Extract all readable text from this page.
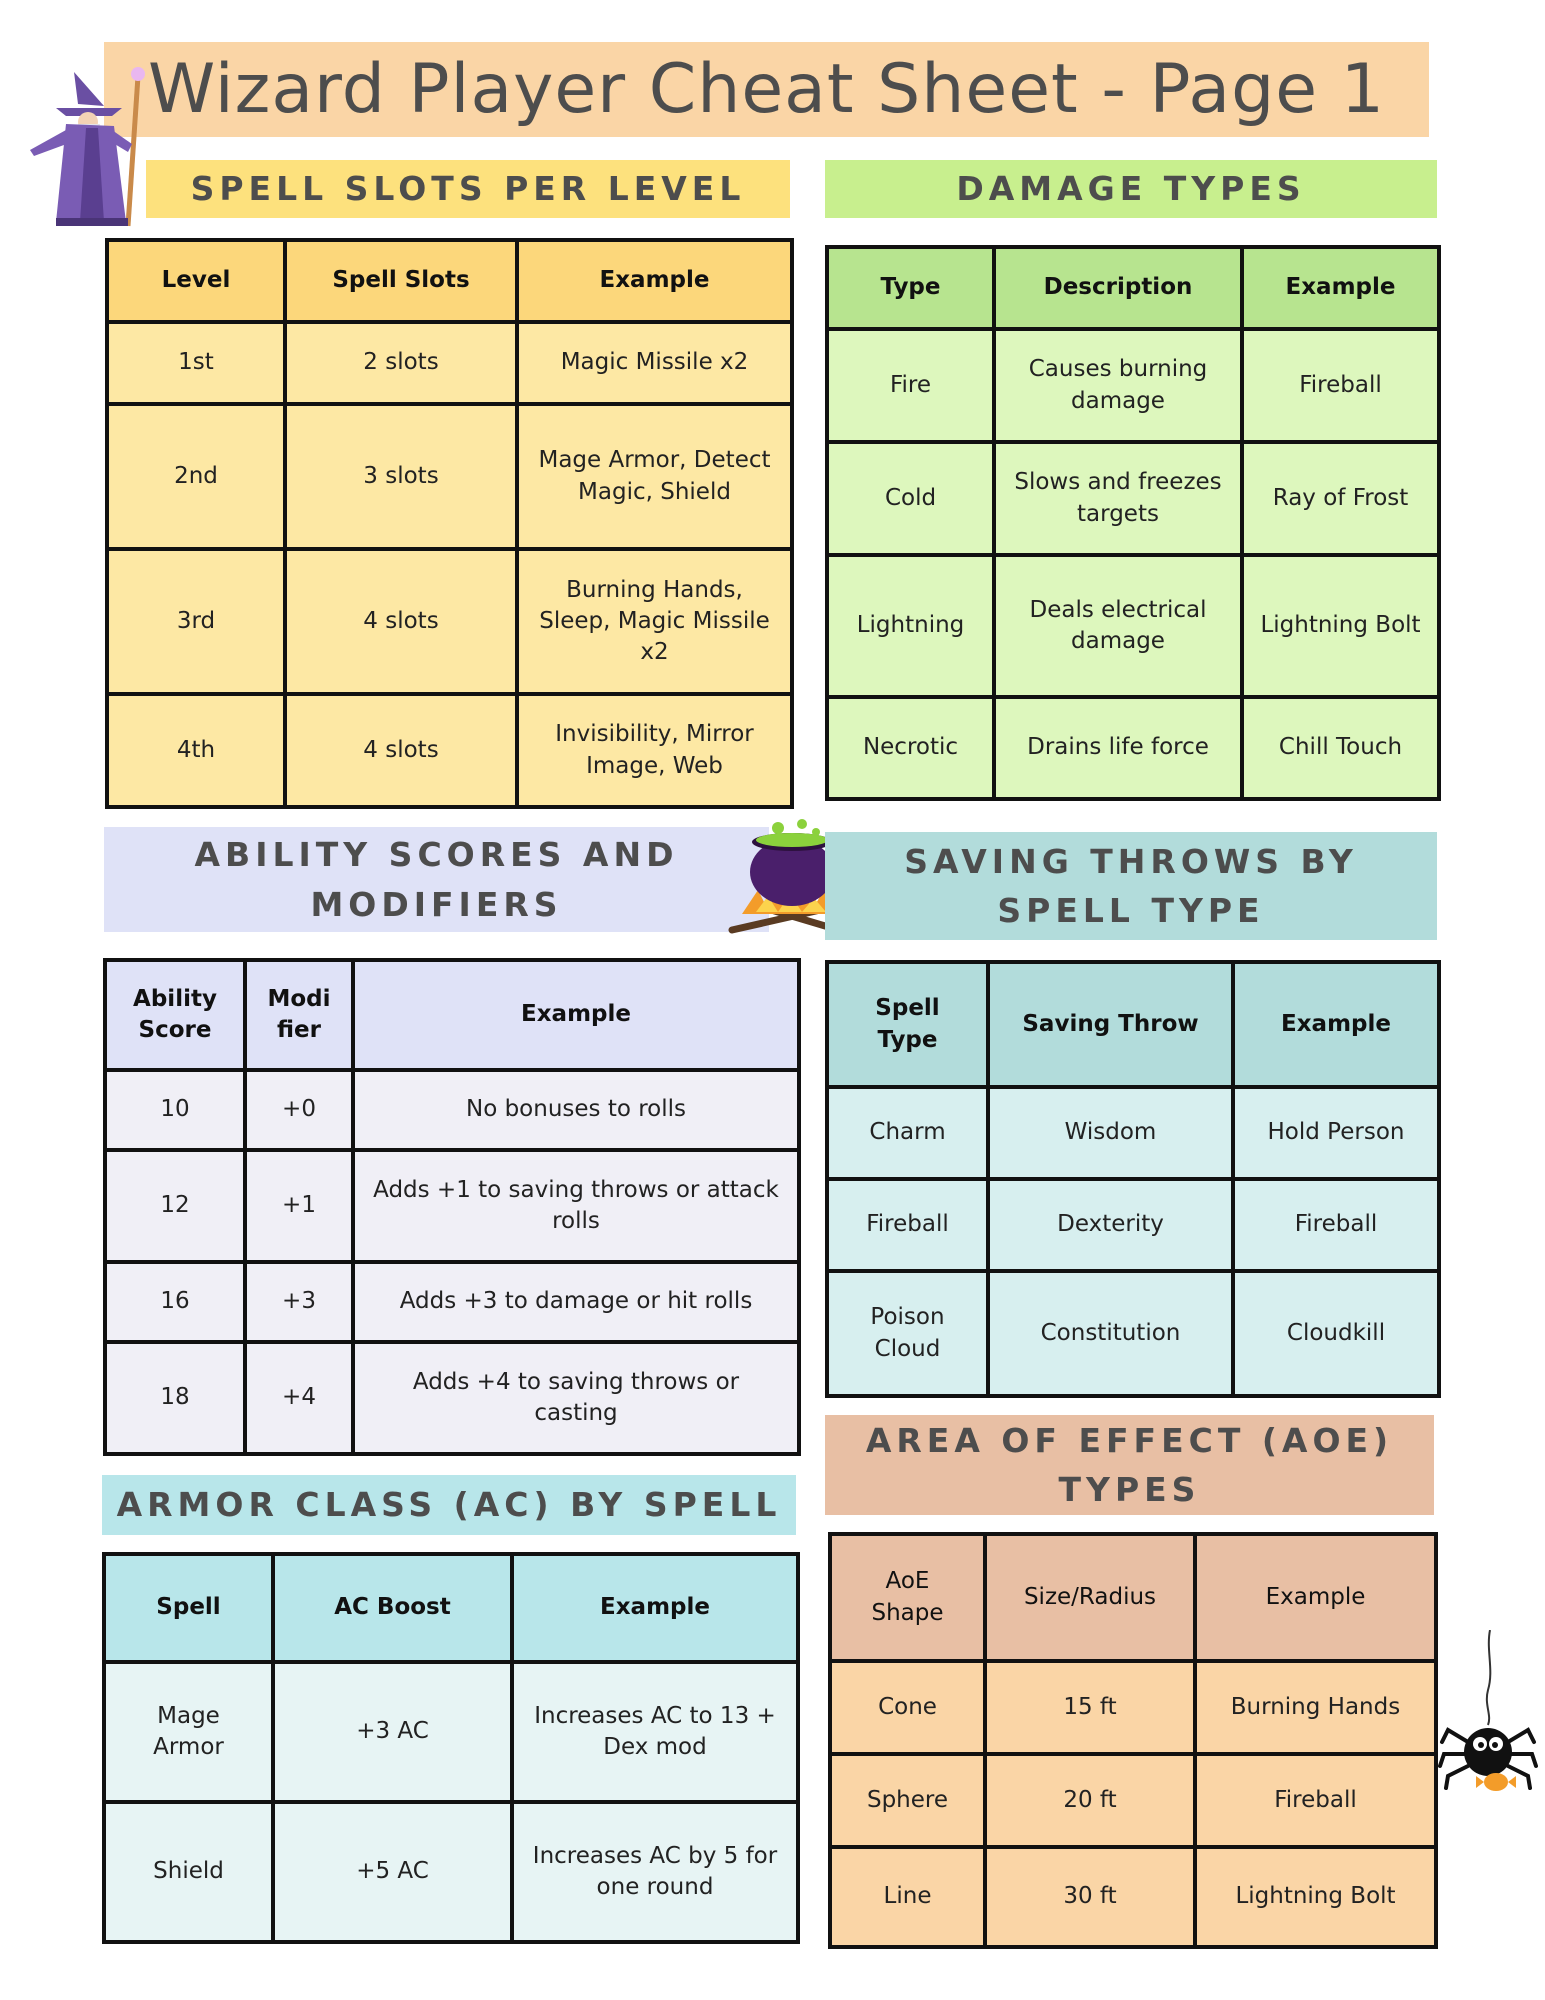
Wizard Player Cheat Sheet - Page 1
SPELL SLOTS PER LEVEL
Level	Spell Slots	Example
1st	2 slots	Magic Missile x2
2nd	3 slots	Mage Armor, Detect Magic, Shield
3rd	4 slots	Burning Hands, Sleep, Magic Missile x2
4th	4 slots	Invisibility, Mirror Image, Web
DAMAGE TYPES
Type	Description	Example
Fire	Causes burning damage	Fireball
Cold	Slows and freezes targets	Ray of Frost
Lightning	Deals electrical damage	Lightning Bolt
Necrotic	Drains life force	Chill Touch
ABILITY SCORES AND MODIFIERS
Ability Score	Modi fier	Example
10	+0	No bonuses to rolls
12	+1	Adds +1 to saving throws or attack rolls
16	+3	Adds +3 to damage or hit rolls
18	+4	Adds +4 to saving throws or casting
SAVING THROWS BY SPELL TYPE
Spell Type	Saving Throw	Example
Charm	Wisdom	Hold Person
Fireball	Dexterity	Fireball
Poison Cloud	Constitution	Cloudkill
ARMOR CLASS (AC) BY SPELL
Spell	AC Boost	Example
Mage Armor	+3 AC	Increases AC to 13 + Dex mod
Shield	+5 AC	Increases AC by 5 for one round
AREA OF EFFECT (AOE) TYPES
AoE Shape	Size/Radius	Example
Cone	15 ft	Burning Hands
Sphere	20 ft	Fireball
Line	30 ft	Lightning Bolt
